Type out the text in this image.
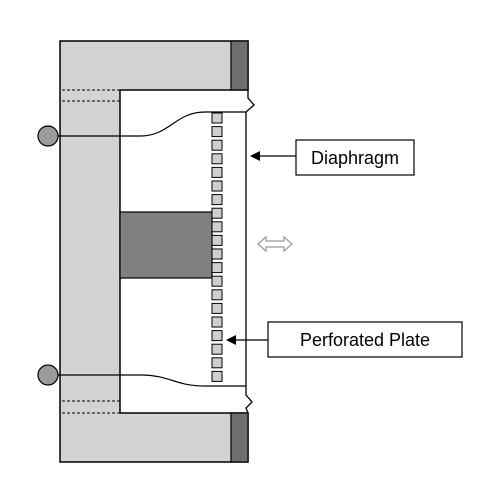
Diaphragm
Perforated Plate
